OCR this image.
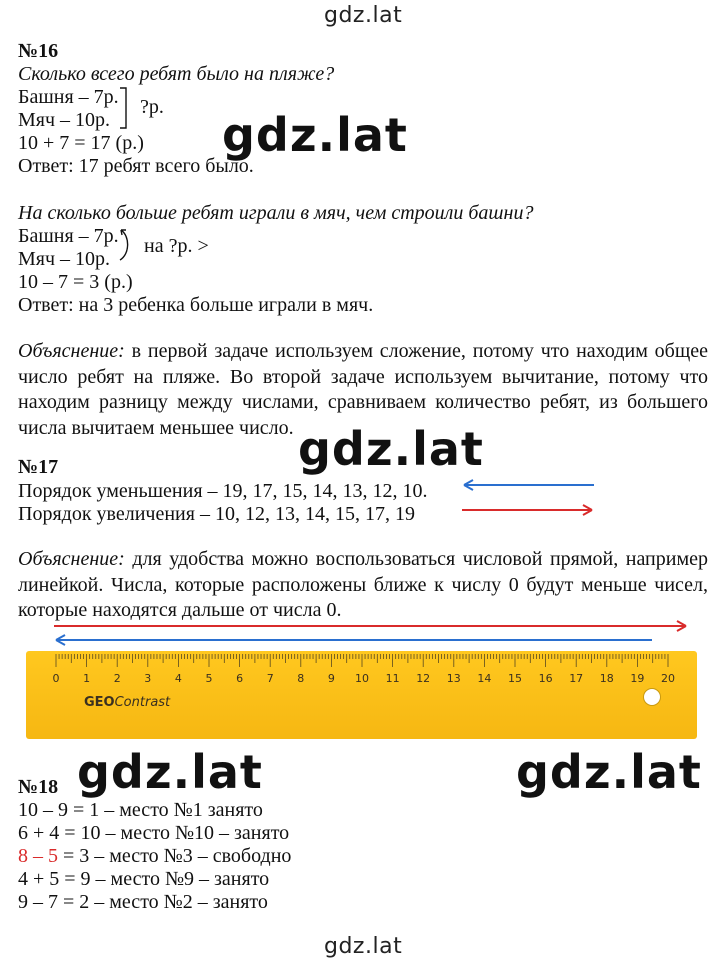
gdz.lat
gdz.lat
gdz.lat
gdz.lat	gdz.lat
gdz.lat
№16
Сколько всего ребят было на пляже?
Башня – 7р.
Мяч – 10р.
?р.
10 + 7 = 17 (р.)
Ответ: 17 ребят всего было.
На сколько больше ребят играли в мяч, чем строили башни?
Башня – 7р.
Мяч – 10р.
на ?р. >
10 – 7 = 3 (р.)
Ответ: на 3 ребенка больше играли в мяч.
Объяснение: в первой задаче используем сложение, потому что находим общее число ребят на пляже. Во второй задаче используем вычитание, потому что находим разницу между числами, сравниваем количество ребят, из большего числа вычитаем меньшее число.
№17
Порядок уменьшения – 19, 17, 15, 14, 13, 12, 10.
Порядок увеличения – 10, 12, 13, 14, 15, 17, 19
Объяснение: для удобства можно воспользоваться числовой прямой, например линейкой. Числа, которые расположены ближе к числу 0 будут меньше чисел, которые находятся дальше от числа 0.
0 1 2 3 4 5 6 7 8 9 10 11 12 13 14 15 16 17 18 19 20
GEOContrast
№18
10 – 9 = 1 – место №1 занято
6 + 4 = 10 – место №10 – занято
8 – 5 = 3 – место №3 – свободно
4 + 5 = 9 – место №9 – занято
9 – 7 = 2 – место №2 – занято
